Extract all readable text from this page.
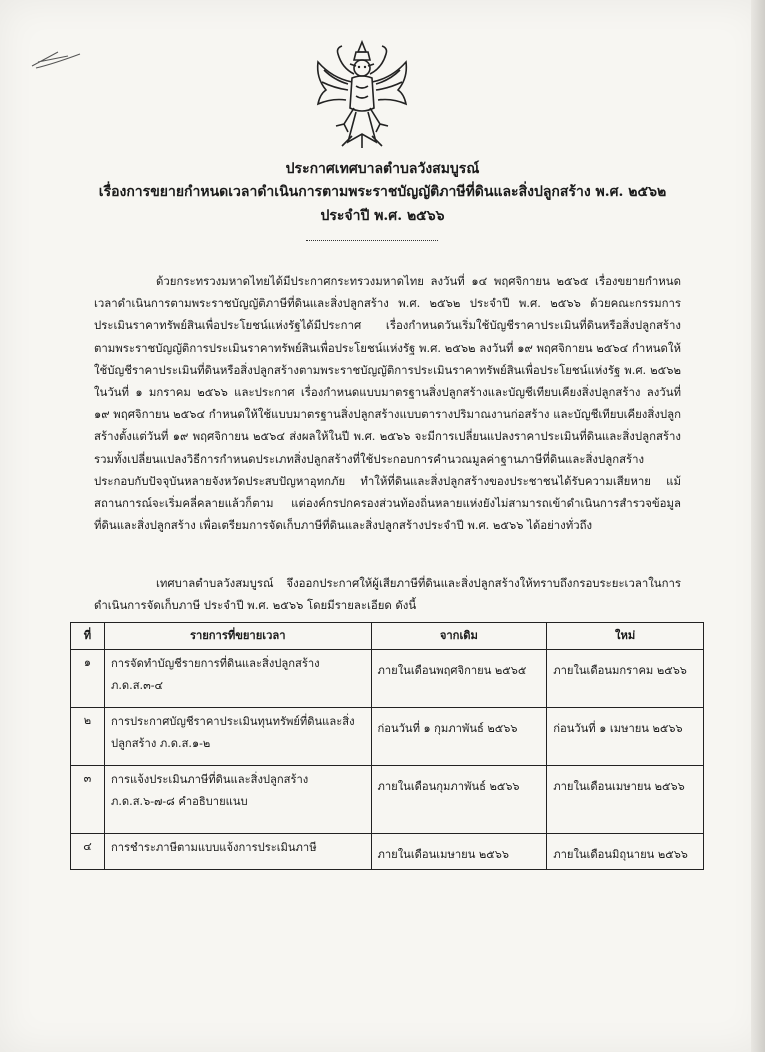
ประกาศเทศบาลตำบลวังสมบูรณ์
เรื่องการขยายกำหนดเวลาดำเนินการตามพระราชบัญญัติภาษีที่ดินและสิ่งปลูกสร้าง พ.ศ. ๒๕๖๒
ประจำปี พ.ศ. ๒๕๖๖
ด้วยกระทรวงมหาดไทยได้มีประกาศกระทรวงมหาดไทย ลงวันที่ ๑๔ พฤศจิกายน ๒๕๖๕ เรื่องขยายกำหนดเวลาดำเนินการตามพระราชบัญญัติภาษีที่ดินและสิ่งปลูกสร้าง พ.ศ. ๒๕๖๒ ประจำปี พ.ศ. ๒๕๖๖ ด้วยคณะกรรมการประเมินราคาทรัพย์สินเพื่อประโยชน์แห่งรัฐได้มีประกาศ เรื่องกำหนดวันเริ่มใช้บัญชีราคาประเมินที่ดินหรือสิ่งปลูกสร้างตามพระราชบัญญัติการประเมินราคาทรัพย์สินเพื่อประโยชน์แห่งรัฐ พ.ศ. ๒๕๖๒ ลงวันที่ ๑๙ พฤศจิกายน ๒๕๖๔ กำหนดให้ใช้บัญชีราคาประเมินที่ดินหรือสิ่งปลูกสร้างตามพระราชบัญญัติการประเมินราคาทรัพย์สินเพื่อประโยชน์แห่งรัฐ พ.ศ. ๒๕๖๒ ในวันที่ ๑ มกราคม ๒๕๖๖ และประกาศ เรื่องกำหนดแบบมาตรฐานสิ่งปลูกสร้างและบัญชีเทียบเคียงสิ่งปลูกสร้าง ลงวันที่ ๑๙ พฤศจิกายน ๒๕๖๔ กำหนดให้ใช้แบบมาตรฐานสิ่งปลูกสร้างแบบตารางปริมาณงานก่อสร้าง และบัญชีเทียบเคียงสิ่งปลูกสร้างตั้งแต่วันที่ ๑๙ พฤศจิกายน ๒๕๖๔ ส่งผลให้ในปี พ.ศ. ๒๕๖๖ จะมีการเปลี่ยนแปลงราคาประเมินที่ดินและสิ่งปลูกสร้าง รวมทั้งเปลี่ยนแปลงวิธีการกำหนดประเภทสิ่งปลูกสร้างที่ใช้ประกอบการคำนวณมูลค่าฐานภาษีที่ดินและสิ่งปลูกสร้าง ประกอบกับปัจจุบันหลายจังหวัดประสบปัญหาอุทกภัย ทำให้ที่ดินและสิ่งปลูกสร้างของประชาชนได้รับความเสียหาย แม้สถานการณ์จะเริ่มคลี่คลายแล้วก็ตาม แต่องค์กรปกครองส่วนท้องถิ่นหลายแห่งยังไม่สามารถเข้าดำเนินการสำรวจข้อมูลที่ดินและสิ่งปลูกสร้าง เพื่อเตรียมการจัดเก็บภาษีที่ดินและสิ่งปลูกสร้างประจำปี พ.ศ. ๒๕๖๖ ได้อย่างทั่วถึง
เทศบาลตำบลวังสมบูรณ์ จึงออกประกาศให้ผู้เสียภาษีที่ดินและสิ่งปลูกสร้างให้ทราบถึงกรอบระยะเวลาในการดำเนินการจัดเก็บภาษี ประจำปี พ.ศ. ๒๕๖๖ โดยมีรายละเอียด ดังนี้
ที่	รายการที่ขยายเวลา	จากเดิม	ใหม่
๑	การจัดทำบัญชีรายการที่ดินและสิ่งปลูกสร้าง ภ.ด.ส.๓-๔	ภายในเดือนพฤศจิกายน ๒๕๖๕	ภายในเดือนมกราคม ๒๕๖๖
๒	การประกาศบัญชีราคาประเมินทุนทรัพย์ที่ดินและสิ่งปลูกสร้าง ภ.ด.ส.๑-๒	ก่อนวันที่ ๑ กุมภาพันธ์ ๒๕๖๖	ก่อนวันที่ ๑ เมษายน ๒๕๖๖
๓	การแจ้งประเมินภาษีที่ดินและสิ่งปลูกสร้าง ภ.ด.ส.๖-๗-๘ คำอธิบายแนบ	ภายในเดือนกุมภาพันธ์ ๒๕๖๖	ภายในเดือนเมษายน ๒๕๖๖
๔	การชำระภาษีตามแบบแจ้งการประเมินภาษี	ภายในเดือนเมษายน ๒๕๖๖	ภายในเดือนมิถุนายน ๒๕๖๖
